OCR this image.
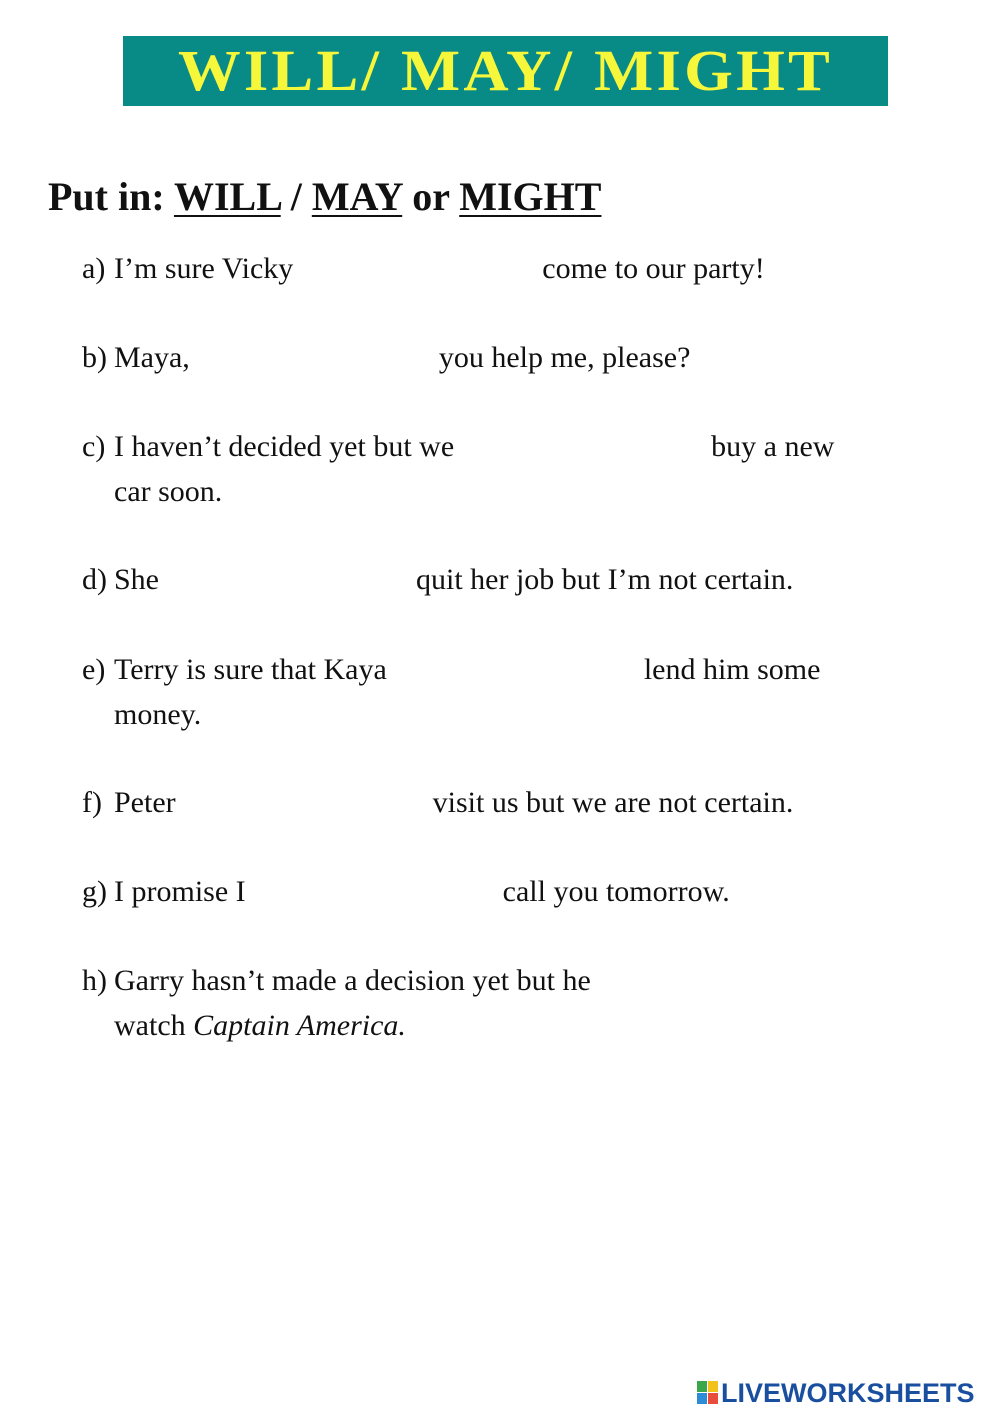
WILL/ MAY/ MIGHT
Put in: WILL / MAY or MIGHT
a) I’m sure Vicky	come to our party!
b) Maya,	you help me, please?
c) I haven’t decided yet but we	buy a new
car soon.
d) She	quit her job but I’m not certain.
e) Terry is sure that Kaya	lend him some
money.
f) Peter	visit us but we are not certain.
g) I promise I	call you tomorrow.
h) Garry hasn’t made a decision yet but he
watch Captain America.
LIVEWORKSHEETS
